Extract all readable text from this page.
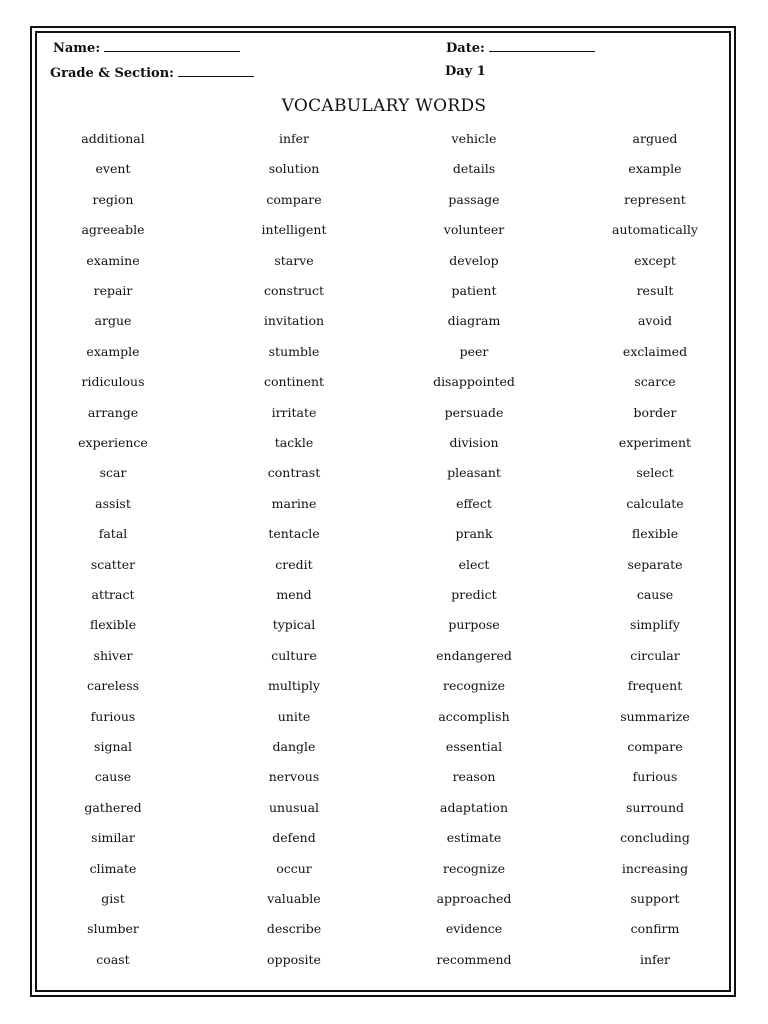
Name:	Date:
Grade & Section:	Day 1
VOCABULARY WORDS
additional	infer	vehicle	argued
event	solution	details	example
region	compare	passage	represent
agreeable	intelligent	volunteer	automatically
examine	starve	develop	except
repair	construct	patient	result
argue	invitation	diagram	avoid
example	stumble	peer	exclaimed
ridiculous	continent	disappointed	scarce
arrange	irritate	persuade	border
experience	tackle	division	experiment
scar	contrast	pleasant	select
assist	marine	effect	calculate
fatal	tentacle	prank	flexible
scatter	credit	elect	separate
attract	mend	predict	cause
flexible	typical	purpose	simplify
shiver	culture	endangered	circular
careless	multiply	recognize	frequent
furious	unite	accomplish	summarize
signal	dangle	essential	compare
cause	nervous	reason	furious
gathered	unusual	adaptation	surround
similar	defend	estimate	concluding
climate	occur	recognize	increasing
gist	valuable	approached	support
slumber	describe	evidence	confirm
coast	opposite	recommend	infer
